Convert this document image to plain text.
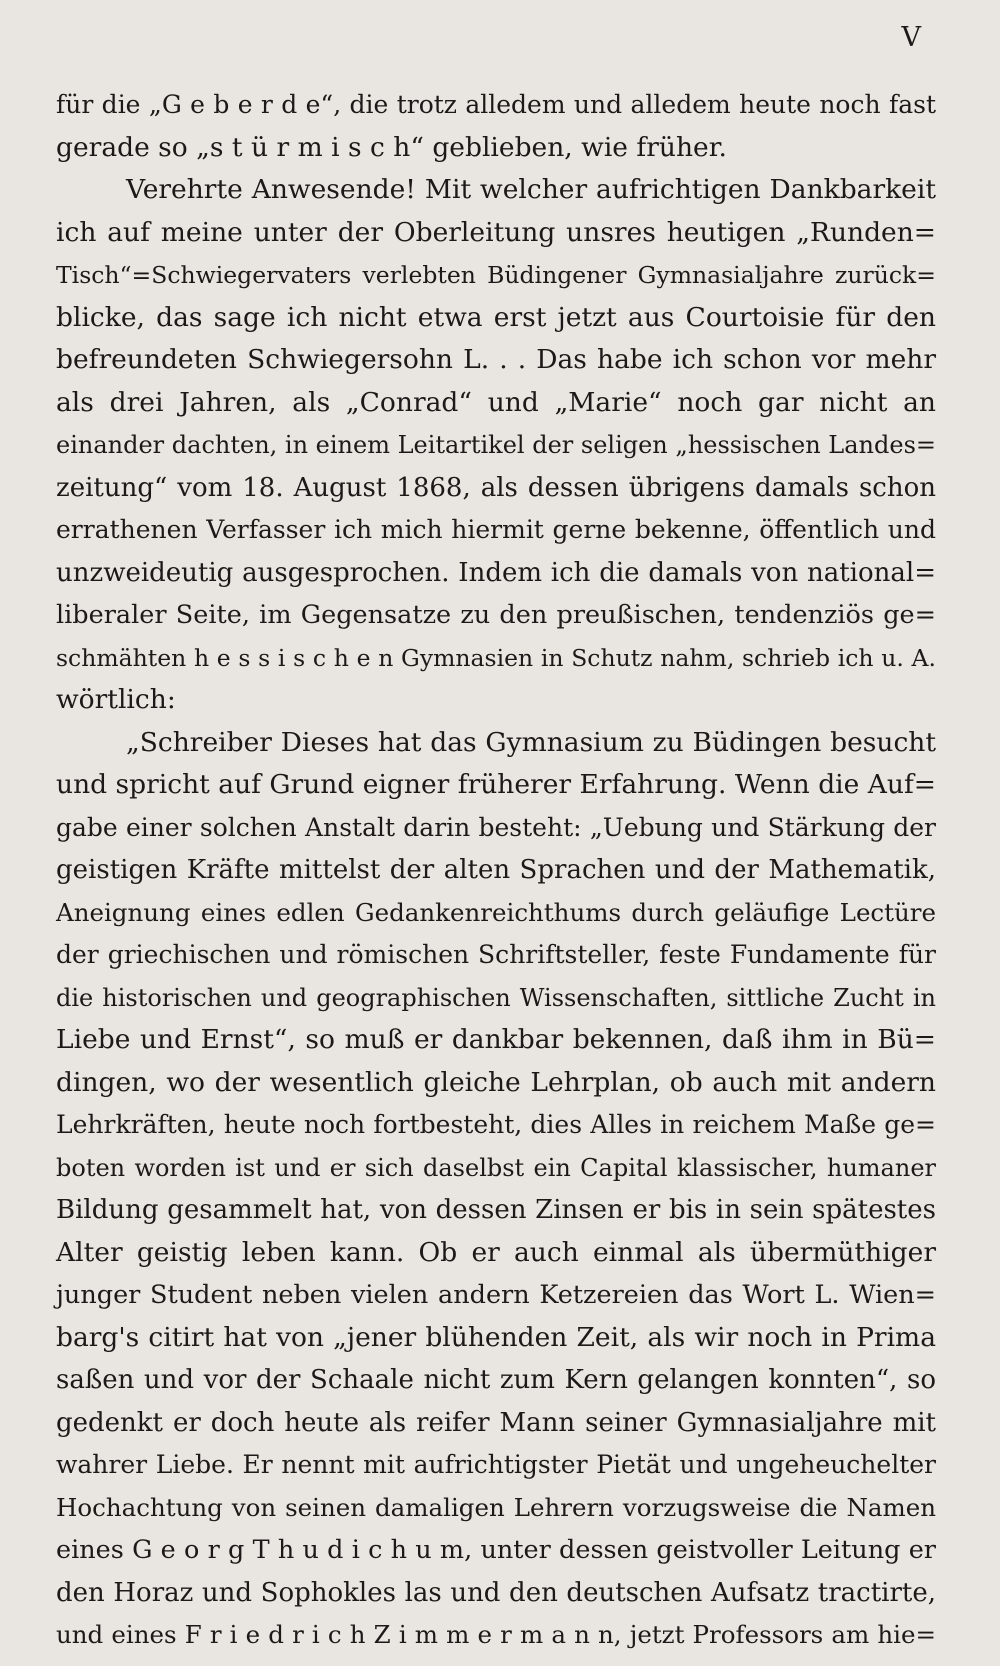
V
für die „G e b e r d e“, die trotz alledem und alledem heute noch fast
gerade so „s t ü r m i s c h“ geblieben, wie früher.
Verehrte Anwesende! Mit welcher aufrichtigen Dankbarkeit
ich auf meine unter der Oberleitung unsres heutigen „Runden=
Tisch“=Schwiegervaters verlebten Büdingener Gymnasialjahre zurück=
blicke, das sage ich nicht etwa erst jetzt aus Courtoisie für den
befreundeten Schwiegersohn L. . . Das habe ich schon vor mehr
als drei Jahren, als „Conrad“ und „Marie“ noch gar nicht an
einander dachten, in einem Leitartikel der seligen „hessischen Landes=
zeitung“ vom 18. August 1868, als dessen übrigens damals schon
errathenen Verfasser ich mich hiermit gerne bekenne, öffentlich und
unzweideutig ausgesprochen. Indem ich die damals von national=
liberaler Seite, im Gegensatze zu den preußischen, tendenziös ge=
schmähten h e s s i s c h e n Gymnasien in Schutz nahm, schrieb ich u. A.
wörtlich:
„Schreiber Dieses hat das Gymnasium zu Büdingen besucht
und spricht auf Grund eigner früherer Erfahrung. Wenn die Auf=
gabe einer solchen Anstalt darin besteht: „Uebung und Stärkung der
geistigen Kräfte mittelst der alten Sprachen und der Mathematik,
Aneignung eines edlen Gedankenreichthums durch geläufige Lectüre
der griechischen und römischen Schriftsteller, feste Fundamente für
die historischen und geographischen Wissenschaften, sittliche Zucht in
Liebe und Ernst“, so muß er dankbar bekennen, daß ihm in Bü=
dingen, wo der wesentlich gleiche Lehrplan, ob auch mit andern
Lehrkräften, heute noch fortbesteht, dies Alles in reichem Maße ge=
boten worden ist und er sich daselbst ein Capital klassischer, humaner
Bildung gesammelt hat, von dessen Zinsen er bis in sein spätestes
Alter geistig leben kann. Ob er auch einmal als übermüthiger
junger Student neben vielen andern Ketzereien das Wort L. Wien=
barg's citirt hat von „jener blühenden Zeit, als wir noch in Prima
saßen und vor der Schaale nicht zum Kern gelangen konnten“, so
gedenkt er doch heute als reifer Mann seiner Gymnasialjahre mit
wahrer Liebe. Er nennt mit aufrichtigster Pietät und ungeheuchelter
Hochachtung von seinen damaligen Lehrern vorzugsweise die Namen
eines G e o r g T h u d i c h u m, unter dessen geistvoller Leitung er
den Horaz und Sophokles las und den deutschen Aufsatz tractirte,
und eines F r i e d r i c h Z i m m e r m a n n, jetzt Professors am hie=
